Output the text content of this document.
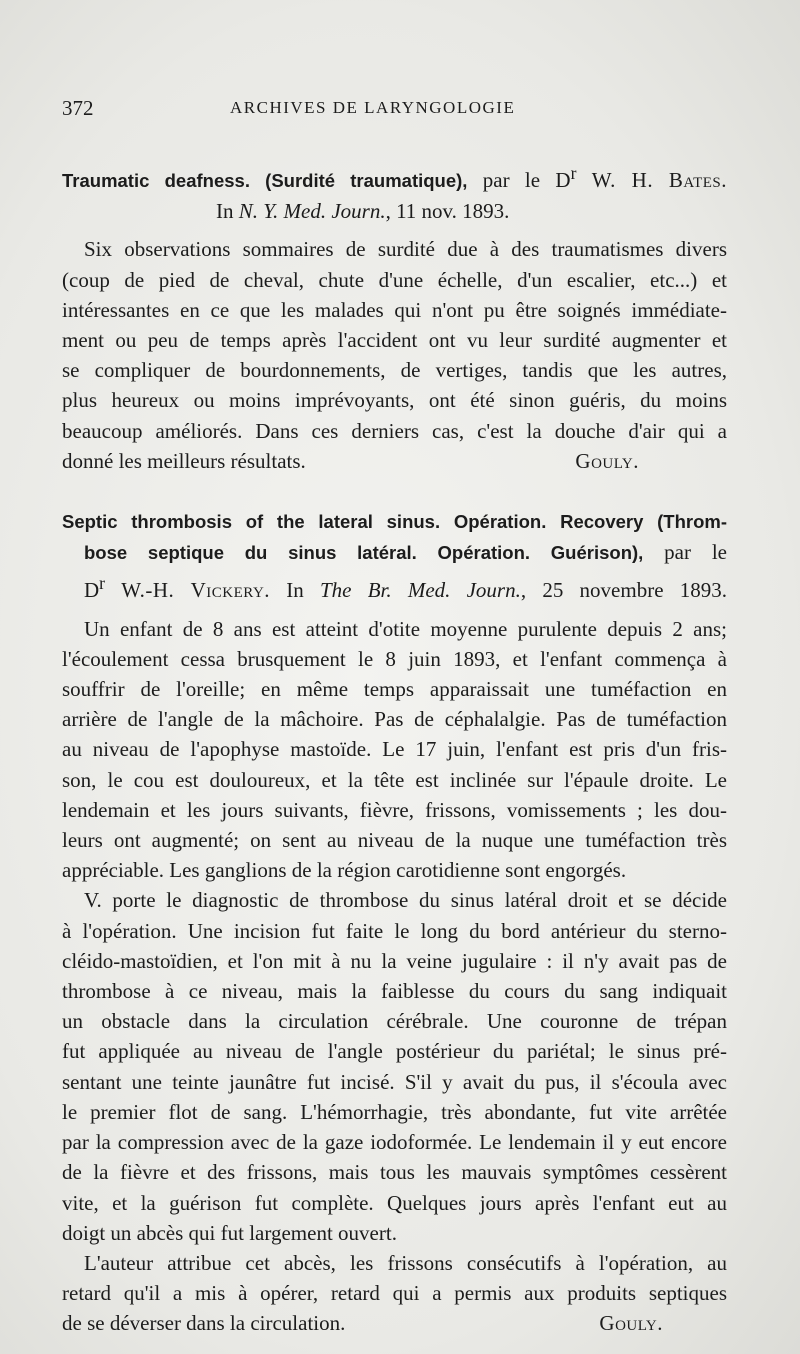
372	ARCHIVES DE LARYNGOLOGIE

Traumatic deafness. (Surdité traumatique), par le $D^r$ W. H. Bates.

In N. Y. Med. Journ., 11 nov. 1893.

Six observations sommaires de surdité due à des traumatismes divers

(coup de pied de cheval, chute d'une échelle, d'un escalier, etc...) et

intéressantes en ce que les malades qui n'ont pu être soignés immédiate-

ment ou peu de temps après l'accident ont vu leur surdité augmenter et

se compliquer de bourdonnements, de vertiges, tandis que les autres,

plus heureux ou moins imprévoyants, ont été sinon guéris, du moins

beaucoup améliorés. Dans ces derniers cas, c'est la douche d'air qui a

donné les meilleurs résultats.	Gouly.

Septic thrombosis of the lateral sinus. Opération. Recovery (Throm-

bose septique du sinus latéral. Opération. Guérison), par le

$D^r$ W.-H. Vickery. In The Br. Med. Journ., 25 novembre 1893.

Un enfant de 8 ans est atteint d'otite moyenne purulente depuis 2 ans;

l'écoulement cessa brusquement le 8 juin 1893, et l'enfant commença à

souffrir de l'oreille; en même temps apparaissait une tuméfaction en

arrière de l'angle de la mâchoire. Pas de céphalalgie. Pas de tuméfaction

au niveau de l'apophyse mastoïde. Le 17 juin, l'enfant est pris d'un fris-

son, le cou est douloureux, et la tête est inclinée sur l'épaule droite. Le

lendemain et les jours suivants, fièvre, frissons, vomissements ; les dou-

leurs ont augmenté; on sent au niveau de la nuque une tuméfaction très

appréciable. Les ganglions de la région carotidienne sont engorgés.

V. porte le diagnostic de thrombose du sinus latéral droit et se décide

à l'opération. Une incision fut faite le long du bord antérieur du sterno-

cléido-mastoïdien, et l'on mit à nu la veine jugulaire : il n'y avait pas de

thrombose à ce niveau, mais la faiblesse du cours du sang indiquait

un obstacle dans la circulation cérébrale. Une couronne de trépan

fut appliquée au niveau de l'angle postérieur du pariétal; le sinus pré-

sentant une teinte jaunâtre fut incisé. S'il y avait du pus, il s'écoula avec

le premier flot de sang. L'hémorrhagie, très abondante, fut vite arrêtée

par la compression avec de la gaze iodoformée. Le lendemain il y eut encore

de la fièvre et des frissons, mais tous les mauvais symptômes cessèrent

vite, et la guérison fut complète. Quelques jours après l'enfant eut au

doigt un abcès qui fut largement ouvert.

L'auteur attribue cet abcès, les frissons consécutifs à l'opération, au

retard qu'il a mis à opérer, retard qui a permis aux produits septiques

de se déverser dans la circulation.	Gouly.
